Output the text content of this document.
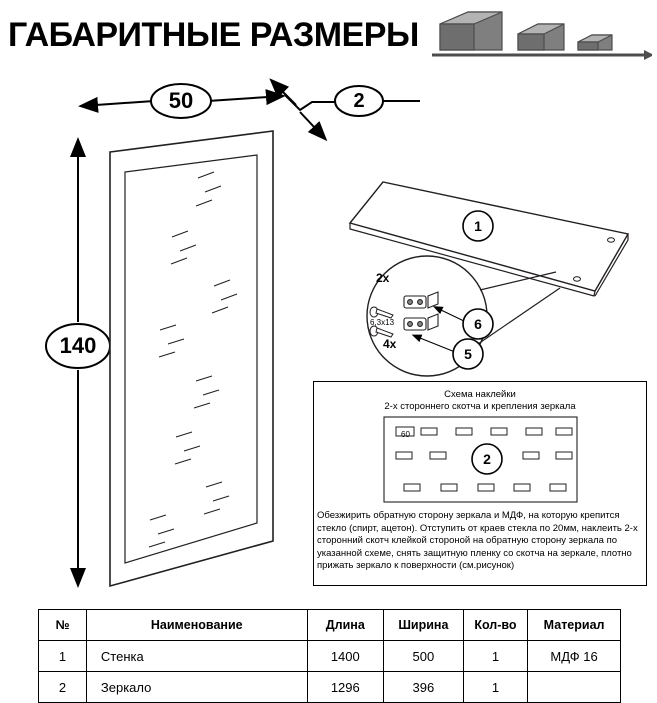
ГАБАРИТНЫЕ РАЗМЕРЫ
50	2
140
1
6
5
2
2х
4х
6,3x13
60
Схема наклейки
2-х стороннего скотча и крепления зеркала
Обезжирить обратную сторону зеркала и МДФ, на которую крепится стекло (спирт, ацетон). Отступить от краев стекла по 20мм, наклеить 2-х сторонний скотч клейкой стороной на обратную сторону зеркала по указанной схеме, снять защитную пленку со скотча на зеркале, плотно прижать зеркало к поверхности (см.рисунок)
№	Наименование	Длина	Ширина	Кол-во	Материал
1	Стенка	1400	500	1	МДФ 16
2	Зеркало	1296	396	1	
